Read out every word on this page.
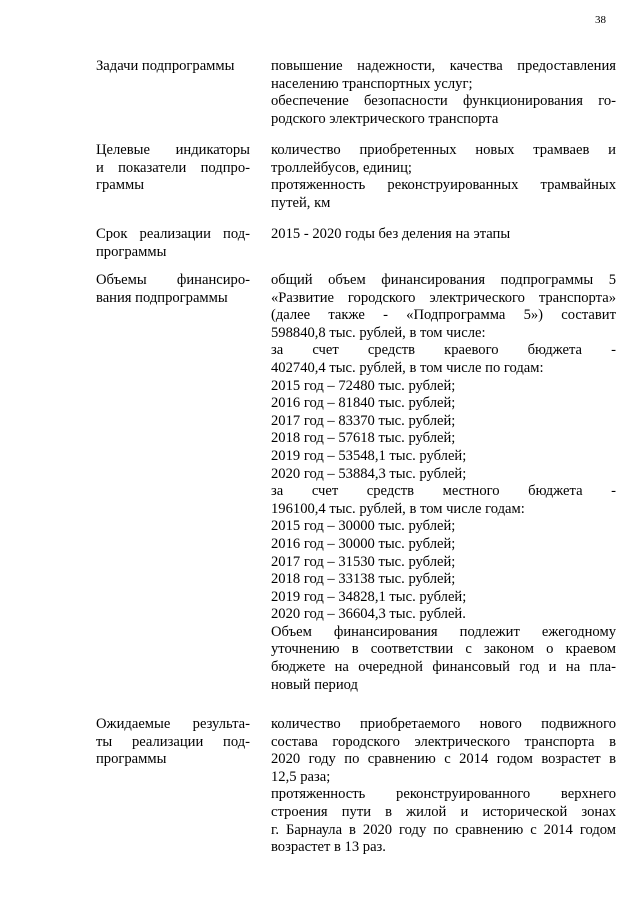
38
Задачи подпрограммы	повышение надежности, качества предоставления
населению транспортных услуг;
обеспечение безопасности функционирования го-
родского электрического транспорта
Целевые индикаторы
и показатели подпро-
граммы
количество приобретенных новых трамваев и
троллейбусов, единиц;
протяженность реконструированных трамвайных
путей, км
Срок реализации под-
программы
2015 - 2020 годы без деления на этапы
Объемы финансиро-
вания подпрограммы
общий объем финансирования подпрограммы 5
«Развитие городского электрического транспорта»
(далее также - «Подпрограмма 5») составит
598840,8 тыс. рублей, в том числе:
за счет средств краевого бюджета -
402740,4 тыс. рублей, в том числе по годам:
2015 год – 72480 тыс. рублей;
2016 год – 81840 тыс. рублей;
2017 год – 83370 тыс. рублей;
2018 год – 57618 тыс. рублей;
2019 год – 53548,1 тыс. рублей;
2020 год – 53884,3 тыс. рублей;
за счет средств местного бюджета -
196100,4 тыс. рублей, в том числе годам:
2015 год – 30000 тыс. рублей;
2016 год – 30000 тыс. рублей;
2017 год – 31530 тыс. рублей;
2018 год – 33138 тыс. рублей;
2019 год – 34828,1 тыс. рублей;
2020 год – 36604,3 тыс. рублей.
Объем финансирования подлежит ежегодному
уточнению в соответствии с законом о краевом
бюджете на очередной финансовый год и на пла-
новый период
Ожидаемые результа-
ты реализации под-
программы
количество приобретаемого нового подвижного
состава городского электрического транспорта в
2020 году по сравнению с 2014 годом возрастет в
12,5 раза;
протяженность реконструированного верхнего
строения пути в жилой и исторической зонах
г. Барнаула в 2020 году по сравнению с 2014 годом
возрастет в 13 раз.
